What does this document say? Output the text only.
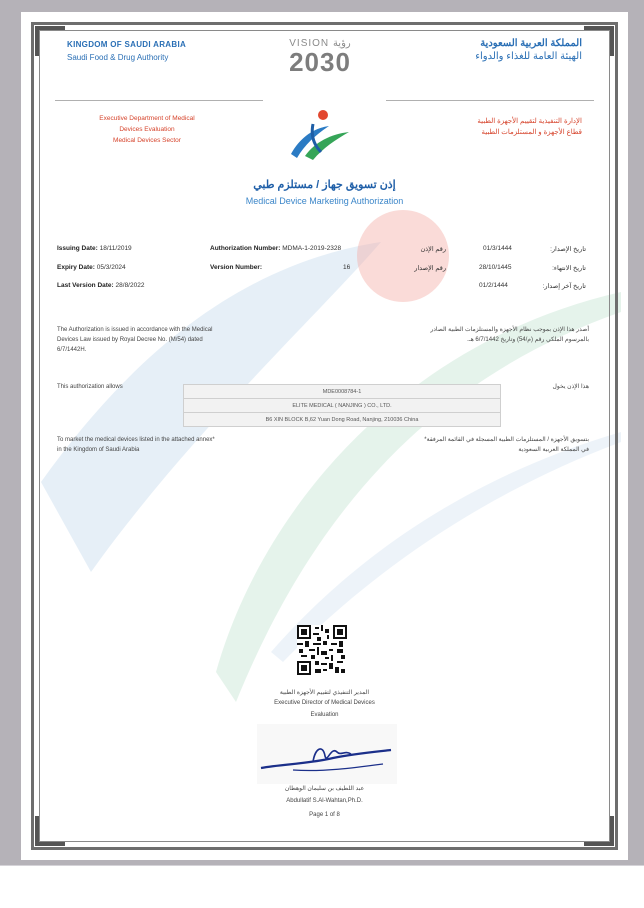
KINGDOM OF SAUDI ARABIA
Saudi Food & Drug Authority
VISION رؤية
2030
المملكة العربية السعودية
الهيئة العامة للغذاء والدواء
Executive Department of Medical
Devices Evaluation
Medical Devices Sector
الإدارة التنفيذية لتقييم الأجهزة الطبية
قطاع الأجهزة و المستلزمات الطبية
إذن تسويق جهاز / مستلزم طبي
Medical Device Marketing Authorization
Issuing Date: 18/11/2019
Expiry Date: 05/3/2024
Last Version Date: 28/8/2022
Authorization Number: MDMA-1-2019-2328
Version Number:	16
رقم الإذن
رقم الإصدار
01/3/1444	تاريخ الإصدار:
28/10/1445	تاريخ الانتهاء:
01/2/1444	تاريخ آخر إصدار:
The Authorization is issued in accordance with the Medical
Devices Law issued by Royal Decree No. (M/54) dated
6/7/1442H.
أصدر هذا الإذن بموجب نظام الأجهزة والمستلزمات الطبية الصادر
بالمرسوم الملكي رقم (م/54) وتاريخ 6/7/1442 هـ.
This authorization allows	هذا الإذن يخول
MDE0008784-1
ELITE MEDICAL ( NANJING ) CO., LTD.
B6 XIN BLOCK B,62 Yuan Dong Road, Nanjing, 210036 China
To market the medical devices listed in the attached annex*
in the Kingdom of Saudi Arabia
بتسويق الأجهزة / المستلزمات الطبية المسجلة في القائمة المرفقة*
في المملكة العربية السعودية
المدير التنفيذي لتقييم الأجهزة الطبية
Executive Director of Medical Devices
Evaluation
عبد اللطيف بن سليمان الوهطان
Abdullatif S.Al-Wahtan,Ph.D.
Page 1 of 8
